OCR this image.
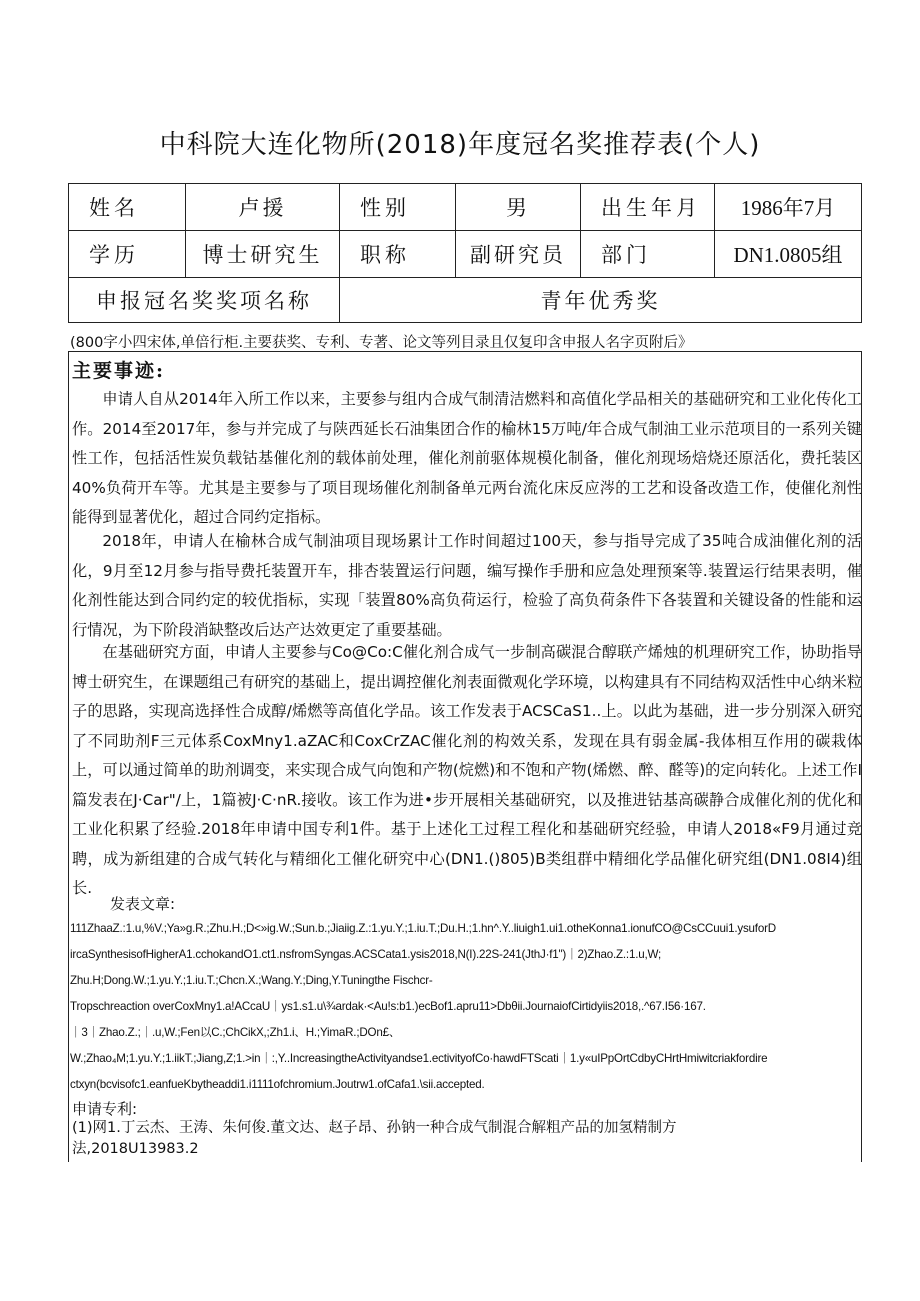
中科院大连化物所(2018)年度冠名奖推荐表(个人)
姓名	卢援	性别	男	出生年月	1986年7月
学历	博士研究生	职称	副研究员	部门	DN1.0805组
申报冠名奖奖项名称		青年优秀奖			
(800字小四宋体,单倍行柜.主要获奖、专利、专著、论文等列目录且仅复印含申报人名字页附后》
主要事迹:

申请人自从2014年入所工作以来，主要参与组内合成气制清洁燃料和高值化学品相关的基础研究和工业化传化工作。2014至2017年，参与并完成了与陕西延长石油集团合作的榆林15万吨/年合成气制油工业示范项目的一系列关键性工作，包括活性炭负载钴基催化剂的载体前处理，催化剂前驱体规模化制备，催化剂现场焙烧还原活化，费托装区40%负荷开车等。尤其是主要参与了项目现场催化剂制备单元两台流化床反应涔的工艺和设备改造工作，使催化剂性能得到显著优化，超过合同约定指标。

2018年，申请人在榆林合成气制油项目现场累计工作时间超过100天，参与指导完成了35吨合成油催化剂的活化，9月至12月参与指导费托装置开车，排杏装置运行问题，编写操作手册和应急处理预案等.装置运行结果表明，催化剂性能达到合同约定的较优指标，实现「装置80%高负荷运行，检验了高负荷条件下各装置和关键设备的性能和运行情况，为下阶段消缺整改后达产达效更定了重要基础。

在基础研究方面，申请人主要参与Co@Co:C催化剂合成气一步制高碳混合醇联产烯烛的机理研究工作，协助指导博士研究生，在课题组己有研究的基础上，提出调控催化剂表面微观化学环境，以构建具有不同结构双活性中心纳米粒子的思路，实现高选择性合成醇/烯燃等高值化学品。该工作发表于ACSCaS1..上。以此为基础，进一步分别深入研究了不同助剂F三元体系CoxMny1.aZAC和CoxCrZAC催化剂的构效关系，发现在具有弱金属-我体相互作用的碳栽体上，可以通过简单的助剂调变，来实现合成气向饱和产物(烷燃)和不饱和产物(烯燃、醉、醛等)的定向转化。上述工作I篇发表在J·Car"/上，1篇被J·C·nR.接收。该工作为进•步开展相关基础研究，以及推进钴基高碳静合成催化剂的优化和工业化积累了经验.2018年申请中国专利1件。基于上述化工过程工程化和基础研究经验，申请人2018«F9月通过竞聘，成为新组建的合成气转化与精细化工催化研究中心(DN1.()805)B类组群中精细化学品催化研究组(DN1.08I4)组长.

发表文章:
111ZhaaZ.:1.u,%V.;Ya»g.R.;Zhu.H.;D<»ig.W.;Sun.b.;Jiaiig.Z.:1.yu.Y.;1.iu.T.;Du.H.;1.hn^.Y..liuigh1.ui1.otheKonna1.ionufCO@CsCCuui1.ysuforD
ircaSynthesisofHigherA1.cchokandO1.ct1.nsfromSyngas.ACSCata1.ysis2018,N(I).22S-241(JthJ·f1")｜2)Zhao.Z.:1.u,W;
Zhu.H;Dong.W.;1.yu.Y.;1.iu.T.;Chcn.X.;Wang.Y.;Ding,Y.Tuningthe Fischcr-
Tropschreaction overCoxMny1.a!ACcaU｜ys1.s1.u\¾ardak·<Au!s:b1.)ecBof1.apru11>Dbθii.JournaiofCirtidyiis2018,.^67.I56·167.
｜3｜Zhao.Z.;｜.u,W.;Fen以C.;ChCikX,;Zh1.i、H.;YimaR.;DOn£、
W.;Zhao₄M;1.yu.Y.;1.iikT.;Jiang,Z;1.>in｜:,Y..IncreasingtheActivityandse1.ectivityofCo·hawdFTScati｜1.y«uIPpOrtCdbyCHrtHmiwitcriakfordire
ctxyn(bcvisofc1.eanfueKbytheaddi1.i1111ofchromium.Joutrw1.ofCafa1.\sii.accepted.
申请专利:

(1)网1.丁云杰、王涛、朱何俊.董文达、赵子昂、孙钠一种合成气制混合解粗产品的加氢精制方
法,2018U13983.2
